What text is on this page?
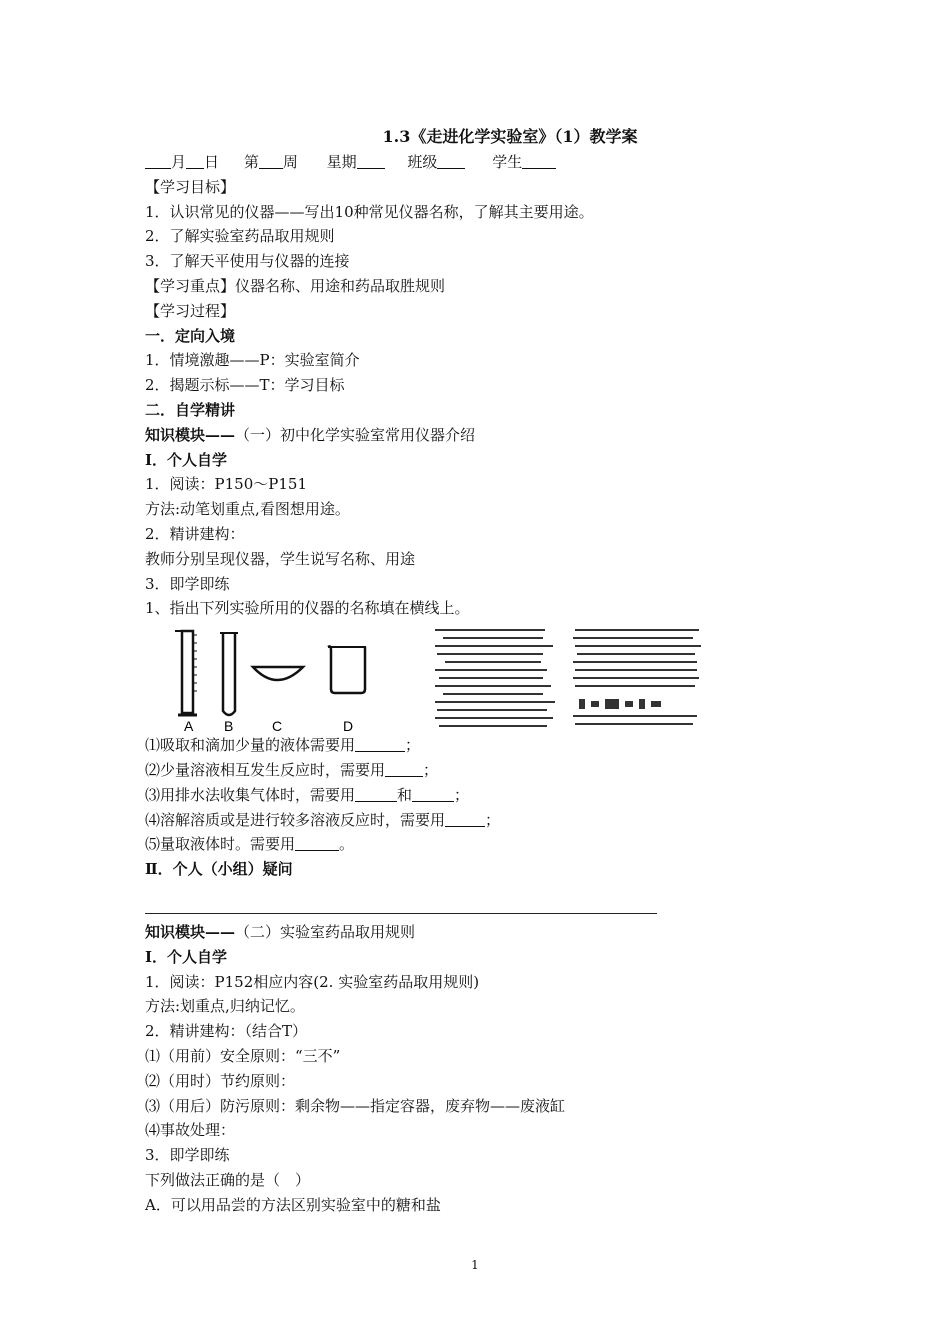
1.3《走进化学实验室》（1）教学案
月 日 第 周 星期	班级	学生
【学习目标】
1．认识常见的仪器——写出10种常见仪器名称，了解其主要用途。
2．了解实验室药品取用规则
3．了解天平使用与仪器的连接
【学习重点】仪器名称、用途和药品取胜规则
【学习过程】
一．定向入境
1．情境激趣——P：实验室简介
2．揭题示标——T：学习目标
二．自学精讲
知识模块——（一）初中化学实验室常用仪器介绍
Ⅰ．个人自学
1．阅读：P150～P151
方法:动笔划重点,看图想用途。
2．精讲建构：
教师分别呈现仪器，学生说写名称、用途
3．即学即练
1、指出下列实验所用的仪器的名称填在横线上。
A B	C	D
⑴吸取和滴加少量的液体需要用	；
⑵少量溶液相互发生反应时，需要用	；
⑶用排水法收集气体时，需要用	和	；
⑷溶解溶质或是进行较多溶液反应时，需要用	；
⑸量取液体时。需要用	。
Ⅱ．个人（小组）疑问
知识模块——（二）实验室药品取用规则
Ⅰ．个人自学
1．阅读：P152相应内容(2. 实验室药品取用规则)
方法:划重点,归纳记忆。
2．精讲建构：（结合T）
⑴（用前）安全原则：“三不”
⑵（用时）节约原则：
⑶（用后）防污原则：剩余物——指定容器，废弃物——废液缸
⑷事故处理：
3．即学即练
下列做法正确的是（　）
A．可以用品尝的方法区别实验室中的糖和盐
1
